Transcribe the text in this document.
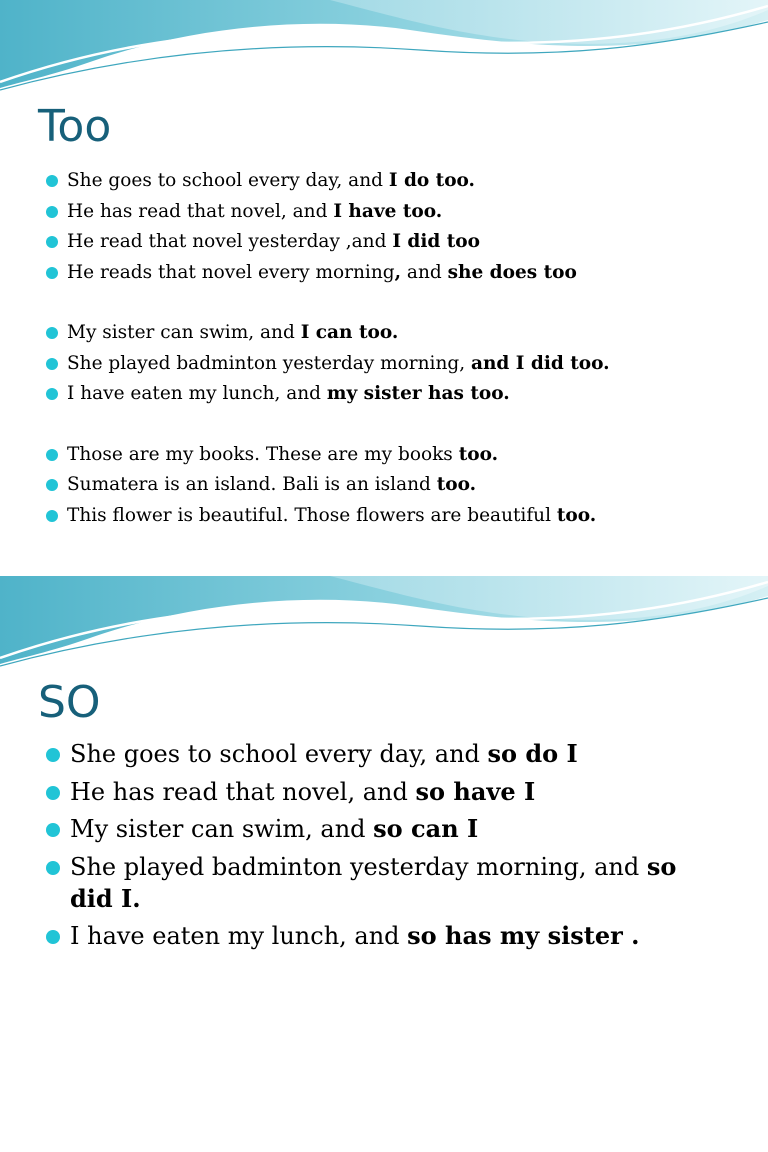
Too
She goes to school every day, and I do too.
He has read that novel, and I have too.
He read that novel yesterday ,and I did too
He reads that novel every morning, and she does too
My sister can swim, and I can too.
She played badminton yesterday morning, and I did too.
I have eaten my lunch, and my sister has too.
Those are my books. These are my books too.
Sumatera is an island. Bali is an island too.
This flower is beautiful. Those flowers are beautiful too.
SO
She goes to school every day, and so do I
He has read that novel, and so have I
My sister can swim, and so can I
She played badminton yesterday morning, and so did I.
I have eaten my lunch, and so has my sister .
